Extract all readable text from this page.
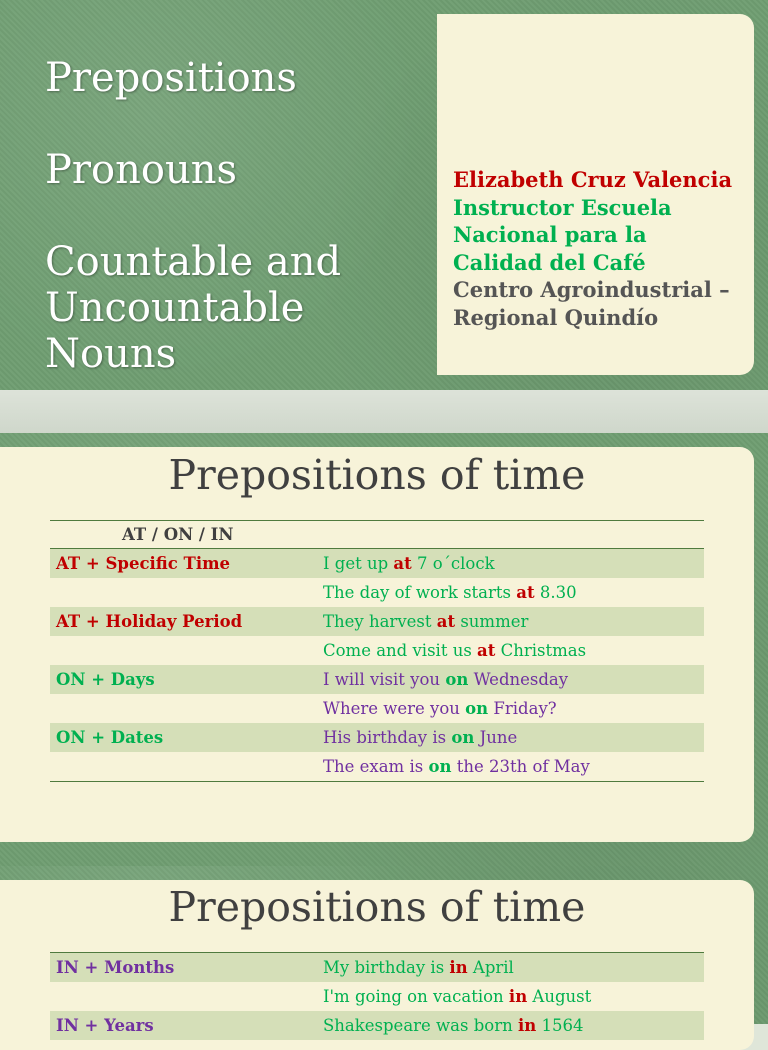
Prepositions
Pronouns
Countable and
Uncountable
Nouns
Elizabeth Cruz Valencia
Instructor Escuela
Nacional para la
Calidad del Café
Centro Agroindustrial –
Regional Quindío
Prepositions of time
AT / ON / IN	
AT + Specific Time	I get up at 7 o´clock
	The day of work starts at 8.30
AT + Holiday Period	They harvest at summer
	Come and visit us at Christmas
ON + Days	I will visit you on Wednesday
	Where were you on Friday?
ON + Dates	His birthday is on June
	The exam is on the 23th of May
Prepositions of time
IN + Months	My birthday is in April
	I'm going on vacation in August
IN + Years	Shakespeare was born in 1564
